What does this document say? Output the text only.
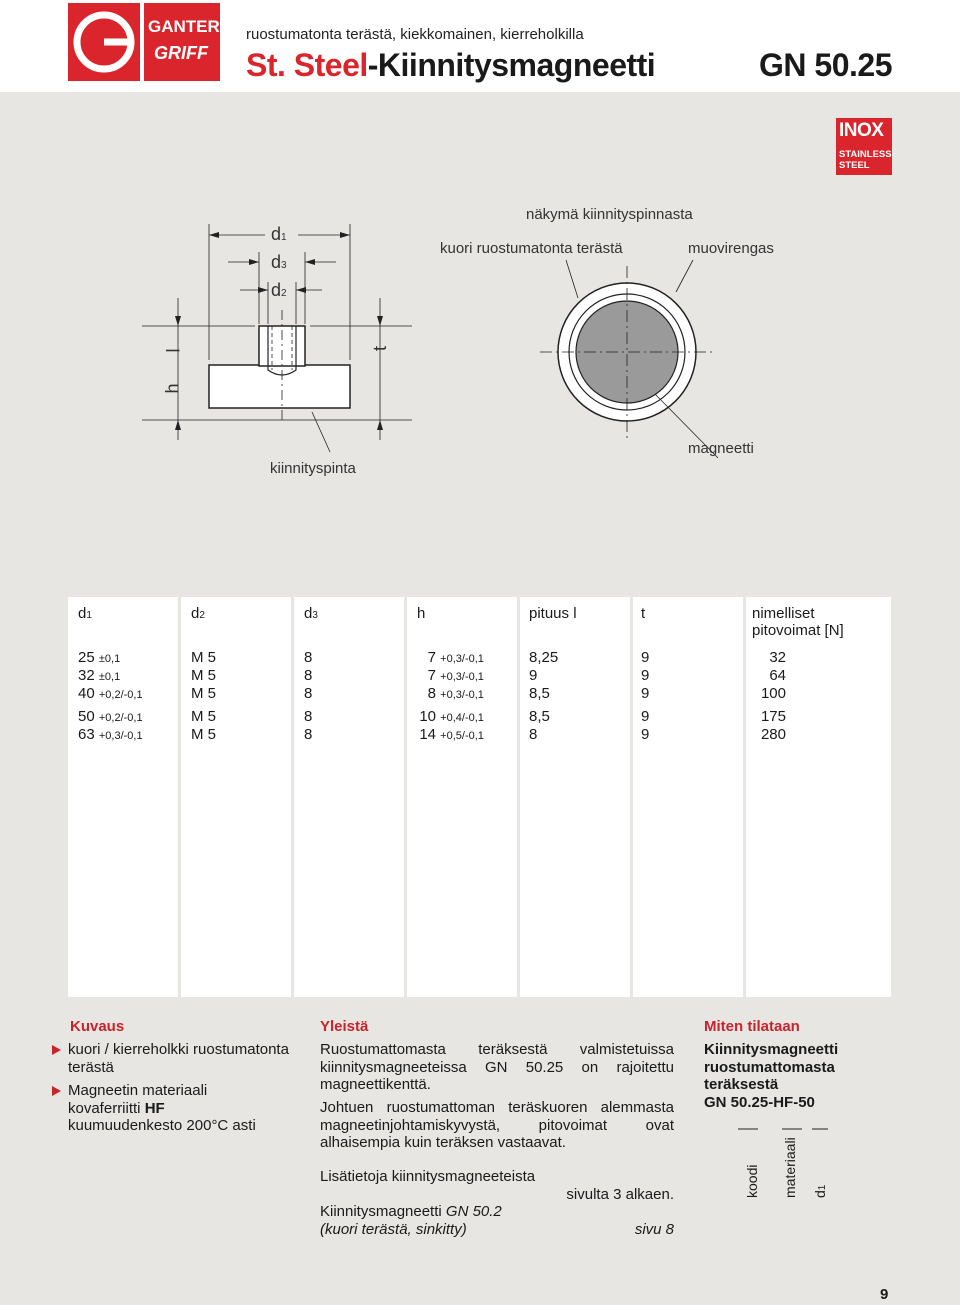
GANTER
GRIFF
ruostumatonta terästä, kiekkomainen, kierreholkilla
St. Steel-Kiinnitysmagneetti	GN 50.25
INOX
STAINLESS
STEEL
d1
d3
d2
h
l	t
kiinnityspinta
näkymä kiinnityspinnasta
kuori ruostumatonta terästä	muovirengas
magneetti
d1	d2	d3	h	pituus l	t	nimelliset
pitovoimat [N]
25 ±0,1	M 5	8	7 +0,3/-0,1	8,25	9	32
32 ±0,1	M 5	8	7 +0,3/-0,1	9	9	64
40 +0,2/-0,1	M 5	8	8 +0,3/-0,1	8,5	9	100
50 +0,2/-0,1	M 5	8	10 +0,4/-0,1	8,5	9	175
63 +0,3/-0,1	M 5	8	14 +0,5/-0,1	8	9	280
Kuvaus
kuori / kierreholkki ruostumatonta terästä
Magneetin materiaali
kovaferriitti HF
kuumuudenkesto 200°C asti
Yleistä
Ruostumattomasta teräksestä valmistetuissa kiinnitysmagneeteissa GN 50.25 on rajoitettu magneettikenttä.
Johtuen ruostumattoman teräskuoren alemmasta magneetinjohtamiskyvystä, pitovoimat ovat alhaisempia kuin teräksen vastaavat.
Lisätietoja kiinnitysmagneeteista
sivulta 3 alkaen.
Kiinnitysmagneetti GN 50.2
(kuori terästä, sinkitty)	sivu 8
Miten tilataan
Kiinnitysmagneetti
ruostumattomasta
teräksestä
GN 50.25-HF-50
koodi materiaali d1
9
